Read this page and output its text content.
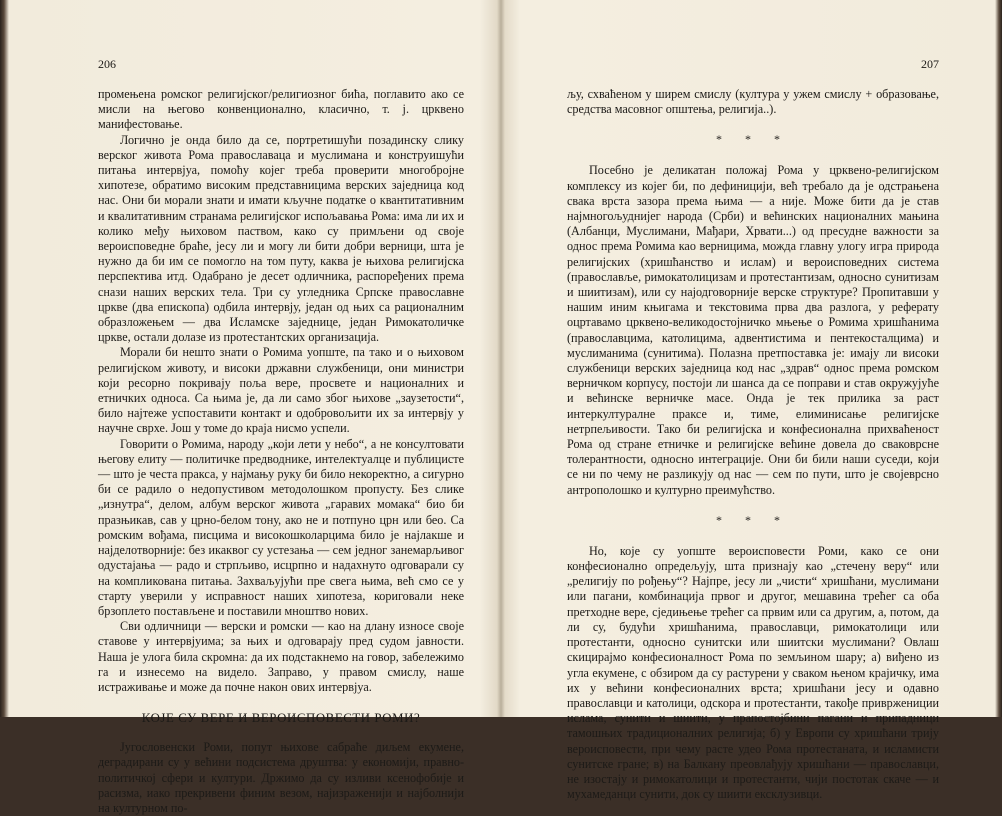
206

промењена ромског религијског/религиозног бића, поглавито ако се мисли на његово конвенционално, класично, т. ј. црквено манифестовање.

Логично је онда било да се, портретишући позадинску слику верског живота Рома православаца и муслимана и конструишући питања интервјуа, помоћу којег треба проверити многобројне хипотезе, обратимо високим представницима верских заједница код нас. Они би морали знати и имати кључне податке о квантитативним и квалитативним странама религијског испољавања Рома: има ли их и колико међу њиховом паством, како су примљени од своје вероисповедне браће, јесу ли и могу ли бити добри верници, шта је нужно да би им се помогло на том путу, каква је њихова религијска перспектива итд. Одабрано је десет одличника, распоређених према снази наших верских тела. Три су угледника Српске православне цркве (два епископа) одбила интервју, један од њих са рационалним образложењем — два Исламске заједнице, један Римокатоличке цркве, остали долазе из протестантских организација.

Морали би нешто знати о Ромима уопште, па тако и о њиховом религијском животу, и високи државни службеници, они министри који ресорно покривају поља вере, просвете и националних и етничких односа. Са њима је, да ли само због њихове „заузетости“, било најтеже успоставити контакт и одобровољити их за интервју у научне сврхе. Још у томе до краја нисмо успели.

Говорити о Ромима, народу „који лети у небо“, а не консултовати његову елиту — политичке предводнике, интелектуалце и публицисте — што је честа пракса, у најмању руку би било некоректно, а сигурно би се радило о недопустивом методолошком пропусту. Без слике „изнутра“, делом, албум верског живота „гаравих момака“ био би празњикав, сав у црно-белом тону, ако не и потпуно црн или бео. Са ромским вођама, писцима и високошколарцима било је најлакше и најделотворније: без икаквог су устезања — сем једног занемарљивог одустајања — радо и стрпљиво, исцрпно и надахнуто одговарали су на компликована питања. Захваљујући пре свега њима, већ смо се у старту уверили у исправност наших хипотеза, кориговали неке брзоплето постављене и поставили мноштво нових.

Сви одличници — верски и ромски — као на длану износе своје ставове у интервјуима; за њих и одговарају пред судом јавности. Наша је улога била скромна: да их подстакнемо на говор, забележимо га и изнесемо на видело. Заправо, у правом смислу, наше истраживање и може да почне након ових интервјуа.

КОЈЕ СУ ВЕРЕ И ВЕРОИСПОВЕСТИ РОМИ?

Југословенски Роми, попут њихове сабраће диљем екумене, деградирани су у већини подсистема друштва: у економији, правно-политичкој сфери и култури. Држимо да су изливи ксенофобије и расизма, иако прекривени финим везом, најизраженији и најболнији на културном по-

207

љу, схваћеном у ширем смислу (култура у ужем смислу + образовање, средства масовног општења, религија..).

* * *

Посебно је деликатан положај Рома у црквено-религијском комплексу из којег би, по дефиницији, већ требало да је одстрањена свака врста зазора према њима — а није. Може бити да је став најмногољуднијег народа (Срби) и већинских националних мањина (Албанци, Муслимани, Мађари, Хрвати...) од пресудне важности за однос према Ромима као верницима, можда главну улогу игра природа религијских (хришћанство и ислам) и вероисповедних система (православље, римокатолицизам и протестантизам, односно сунитизам и шиитизам), или су најодговорније верске структуре? Пропитавши у нашим иним књигама и текстовима прва два разлога, у реферату оцртавамо црквено-великодостојничко мњење о Ромима хришћанима (православцима, католицима, адвентистима и пентекосталцима) и муслиманима (сунитима). Полазна претпоставка је: имају ли високи службеници верских заједница код нас „здрав“ однос према ромском верничком корпусу, постоји ли шанса да се поправи и став окружујуће и већинске верничке масе. Онда је тек прилика за раст интеркултуралне праксе и, тиме, елиминисање религијске нетрпељивости. Тако би религијска и конфесионална прихваћеност Рома од стране етничке и религијске већине довела до сваковрсне толерантности, односно интеграције. Они би били наши суседи, који се ни по чему не разликују од нас — сем по пути, што је својеврсно антрополошко и културно преимућство.

* * *

Но, које су уопште вероисповести Роми, како се они конфесионално опредељују, шта признају као „стечену веру“ или „религију по рођењу“? Најпре, јесу ли „чисти“ хришћани, муслимани или пагани, комбинација првог и другог, мешавина трећег са оба претходне вере, сједињење трећег са првим или са другим, а, потом, да ли су, будући хришћанима, православци, римокатолици или протестанти, односно сунитски или шиитски муслимани? Овлаш скицирајмо конфесионалност Рома по земљином шару; а) виђено из угла екумене, с обзиром да су растурени у сваком њеном крајичку, има их у већини конфесионалних врста; хришћани јесу и одавно православци и католици, одскора и протестанти, такође привржениции ислама, сунити и шиити, у прапостојбини пагани и припадници тамошњих традиционалних религија; б) у Европи су хришћани трију вероисповести, при чему расте удео Рома протестаната, и исламисти сунитске гране; в) на Балкану преовлађују хришћани — православци, не изостају и римокатолици и протестанти, чији постотак скаче — и мухамеданци сунити, док су шиити ексклузивци.
